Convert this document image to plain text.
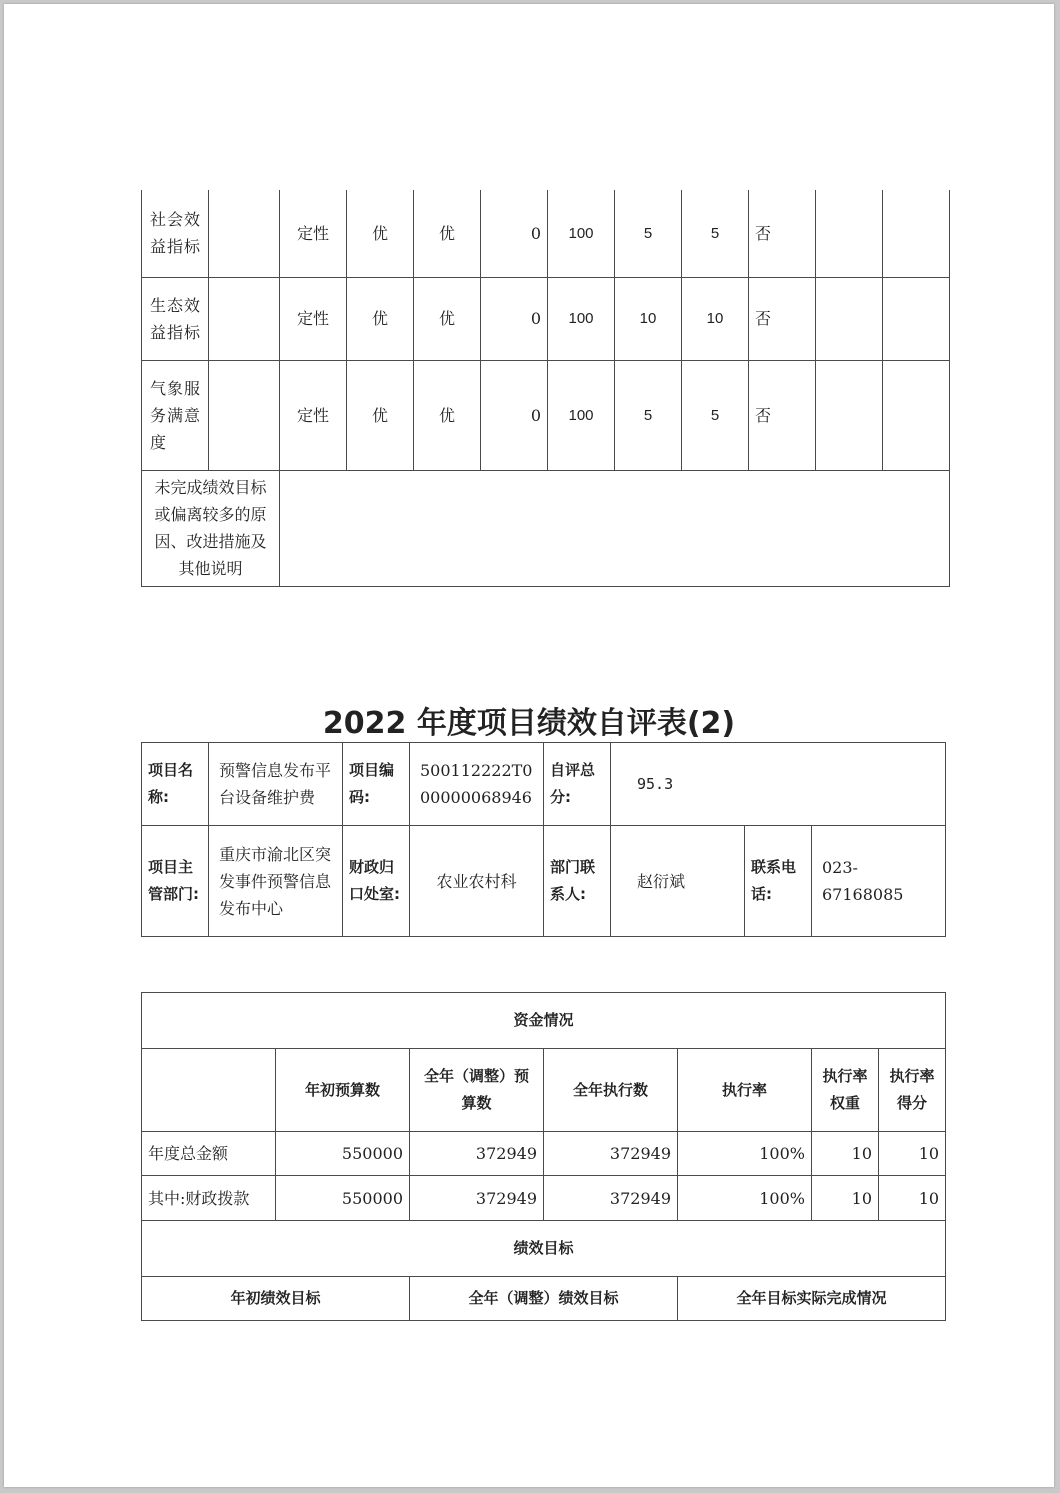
社会效益指标		定性	优	优	0	100	5	5	否		
生态效益指标		定性	优	优	0	100	10	10	否		
气象服务满意度		定性	优	优	0	100	5	5	否		
未完成绩效目标或偏离较多的原因、改进措施及其他说明											
2022 年度项目绩效自评表(2)
项目名称:	预警信息发布平台设备维护费	项目编码:	500112222T000000068946	自评总分:	95.3		
项目主管部门:	重庆市渝北区突发事件预警信息发布中心	财政归口处室:	农业农村科	部门联系人:	赵衍斌	联系电话:	023-67168085
资金情况						
	年初预算数	全年（调整）预算数	全年执行数	执行率	执行率权重	执行率得分
年度总金额	550000	372949	372949	100%	10	10
其中:财政拨款	550000	372949	372949	100%	10	10
绩效目标						
年初绩效目标		全年（调整）绩效目标		全年目标实际完成情况		
